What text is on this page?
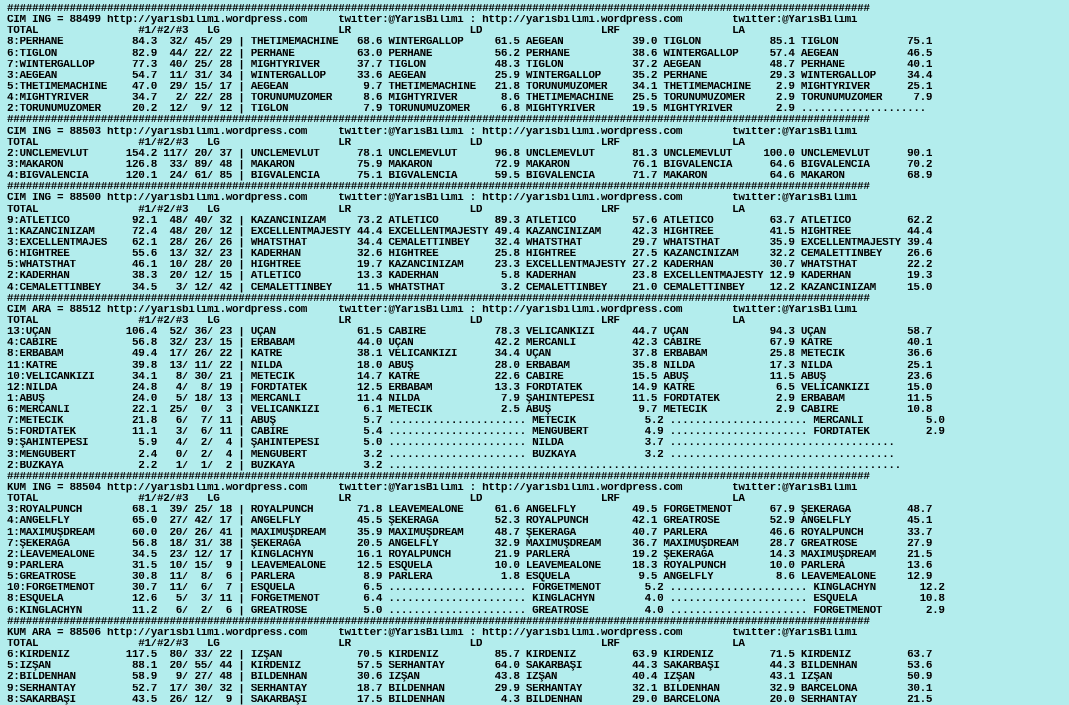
##########################################################################################################################################
CIM ING = 88499 http://yarisbilimi.wordpress.com     twitter:@YarisBilimi : http://yarisbilimi.wordpress.com        twitter:@YarisBilimi
TOTAL                #1/#2/#3   LG                   LR                   LD                   LRF                  LA
8:PERHANE           84.3  32/ 45/ 29 | THETIMEMACHINE   68.6 WINTERGALLOP     61.5 AEGEAN           39.0 TIGLON           85.1 TIGLON           75.1
6:TIGLON            82.9  44/ 22/ 22 | PERHANE          63.0 PERHANE          56.2 PERHANE          38.6 WINTERGALLOP     57.4 AEGEAN           46.5
7:WINTERGALLOP      77.3  40/ 25/ 28 | MIGHTYRIVER      37.7 TIGLON           48.3 TIGLON           37.2 AEGEAN           48.7 PERHANE          40.1
3:AEGEAN            54.7  11/ 31/ 34 | WINTERGALLOP     33.6 AEGEAN           25.9 WINTERGALLOP     35.2 PERHANE          29.3 WINTERGALLOP     34.4
5:THETIMEMACHINE    47.0  29/ 15/ 17 | AEGEAN            9.7 THETIMEMACHINE   21.8 TORUNUMUZÖMER    34.1 THETIMEMACHINE    2.9 MIGHTYRIVER      25.1
4:MIGHTYRIVER       34.7   2/ 22/ 28 | TORUNUMUZÖMER     8.6 MIGHTYRIVER       8.6 THETIMEMACHINE   25.5 TORUNUMUZÖMER     2.9 TORUNUMUZÖMER     7.9
2:TORUNUMUZÖMER     20.2  12/  9/ 12 | TIGLON            7.9 TORUNUMUZÖMER     6.8 MIGHTYRIVER      19.5 MIGHTYRIVER       2.9 ....................
##########################################################################################################################################
CIM ING = 88503 http://yarisbilimi.wordpress.com     twitter:@YarisBilimi : http://yarisbilimi.wordpress.com        twitter:@YarisBilimi
TOTAL                #1/#2/#3   LG                   LR                   LD                   LRF                  LA
2:UNCLEMEVLÜT      154.2 117/ 20/ 37 | UNCLEMEVLÜT      78.1 UNCLEMEVLÜT      96.8 UNCLEMEVLÜT      81.3 UNCLEMEVLÜT     100.0 UNCLEMEVLÜT      90.1
3:MAKARON          126.8  33/ 89/ 48 | MAKARON          75.9 MAKARON          72.9 MAKARON          76.1 BIGVALENCIA      64.6 BIGVALENCIA      70.2
4:BIGVALENCIA      120.1  24/ 61/ 85 | BIGVALENCIA      75.1 BIGVALENCIA      59.5 BIGVALENCIA      71.7 MAKARON          64.6 MAKARON          68.9
##########################################################################################################################################
CIM ING = 88500 http://yarisbilimi.wordpress.com     twitter:@YarisBilimi : http://yarisbilimi.wordpress.com        twitter:@YarisBilimi
TOTAL                #1/#2/#3   LG                   LR                   LD                   LRF                  LA
9:ATLETICO          92.1  48/ 40/ 32 | KAZANCINİZAM     73.2 ATLETICO         89.3 ATLETICO         57.6 ATLETICO         63.7 ATLETICO         62.2
1:KAZANCINİZAM      72.4  48/ 20/ 12 | EXCELLENTMAJESTY 44.4 EXCELLENTMAJESTY 49.4 KAZANCINİZAM     42.3 HIGHTREE         41.5 HIGHTREE         44.4
3:EXCELLENTMAJES    62.1  28/ 26/ 26 | WHATSTHAT        34.4 CEMALETTİNBEY    32.4 WHATSTHAT        29.7 WHATSTHAT        35.9 EXCELLENTMAJESTY 39.4
6:HIGHTREE          55.6  13/ 32/ 23 | KADERHAN         32.6 HIGHTREE         25.8 HIGHTREE         27.5 KAZANCINİZAM     32.2 CEMALETTİNBEY    26.6
5:WHATSTHAT         46.1  10/ 28/ 20 | HIGHTREE         19.7 KAZANCINİZAM     23.3 EXCELLENTMAJESTY 27.2 KADERHAN         30.7 WHATSTHAT        22.2
2:KADERHAN          38.3  20/ 12/ 15 | ATLETICO         13.3 KADERHAN          5.8 KADERHAN         23.8 EXCELLENTMAJESTY 12.9 KADERHAN         19.3
4:CEMALETTİNBEY     34.5   3/ 12/ 42 | CEMALETTİNBEY    11.5 WHATSTHAT         3.2 CEMALETTİNBEY    21.0 CEMALETTİNBEY    12.2 KAZANCINİZAM     15.0
##########################################################################################################################################
CIM ARA = 88512 http://yarisbilimi.wordpress.com     twitter:@YarisBilimi : http://yarisbilimi.wordpress.com        twitter:@YarisBilimi
TOTAL                #1/#2/#3   LG                   LR                   LD                   LRF                  LA
13:UÇAN            106.4  52/ 36/ 23 | UÇAN             61.5 CABİRE           78.3 VELİCANKIZI      44.7 UÇAN             94.3 UÇAN             58.7
4:CABİRE            56.8  32/ 23/ 15 | ERBABAM          44.0 UÇAN             42.2 MERCANLI         42.3 CABİRE           67.9 KATRE            40.1
8:ERBABAM           49.4  17/ 26/ 22 | KATRE            38.1 VELİCANKIZI      34.4 UÇAN             37.8 ERBABAM          25.8 METECİK          36.6
11:KATRE            39.8  13/ 11/ 22 | NİLDA            18.0 ABUŞ             28.0 ERBABAM          35.8 NİLDA            17.3 NİLDA            25.1
10:VELİCANKIZI      34.1   8/ 30/ 21 | METECİK          14.7 KATRE            22.6 CABİRE           15.5 ABUŞ             11.5 ABUŞ             23.6
12:NİLDA            24.8   4/  8/ 19 | FORDTATEK        12.5 ERBABAM          13.3 FORDTATEK        14.9 KATRE             6.5 VELİCANKIZI      15.0
1:ABUŞ              24.0   5/ 18/ 13 | MERCANLI         11.4 NİLDA             7.9 ŞAHİNTEPESİ      11.5 FORDTATEK         2.9 ERBABAM          11.5
6:MERCANLI          22.1  25/  0/  3 | VELİCANKIZI       6.1 METECİK           2.5 ABUŞ              9.7 METECİK           2.9 CABİRE           10.8
7:METECİK           21.8   6/  7/ 11 | ABUŞ              5.7 ...................... METECİK           5.2 ...................... MERCANLI          5.0
5:FORDTATEK         11.1   3/  6/ 11 | CABİRE            5.4 ...................... MENGÜBERT         4.9 ...................... FORDTATEK         2.9
9:ŞAHİNTEPESİ        5.9   4/  2/  4 | ŞAHİNTEPESİ       5.0 ...................... NİLDA             3.7 ....................................
3:MENGÜBERT          2.4   0/  2/  4 | MENGÜBERT         3.2 ...................... BUZKAYA           3.2 ....................................
2:BUZKAYA            2.2   1/  1/  2 | BUZKAYA           3.2 ..................................................................................
##########################################################################################################################################
KUM ING = 88504 http://yarisbilimi.wordpress.com     twitter:@YarisBilimi : http://yarisbilimi.wordpress.com        twitter:@YarisBilimi
TOTAL                #1/#2/#3   LG                   LR                   LD                   LRF                  LA
3:ROYALPUNCH        68.1  39/ 25/ 18 | ROYALPUNCH       71.8 LEAVEMEALONE     61.6 ANGELFLY         49.5 FORGETMENOT      67.9 ŞEKERAĞA         48.7
4:ANGELFLY          65.0  27/ 42/ 17 | ANGELFLY         45.5 ŞEKERAĞA         52.3 ROYALPUNCH       42.1 GREATROSE        52.9 ANGELFLY         45.1
1:MAXIMUŞDREAM      60.0  20/ 26/ 41 | MAXIMUŞDREAM     35.9 MAXIMUŞDREAM     48.7 ŞEKERAĞA         40.7 PARLERA          46.6 ROYALPUNCH       33.7
7:ŞEKERAĞA          56.8  18/ 31/ 38 | ŞEKERAĞA         20.5 ANGELFLY         32.9 MAXIMUŞDREAM     36.7 MAXIMUŞDREAM     28.7 GREATROSE        27.9
2:LEAVEMEALONE      34.5  23/ 12/ 17 | KINGLACHYN       16.1 ROYALPUNCH       21.9 PARLERA          19.2 ŞEKERAĞA         14.3 MAXIMUŞDREAM     21.5
9:PARLERA           31.5  10/ 15/  9 | LEAVEMEALONE     12.5 ESQUELA          10.0 LEAVEMEALONE     18.3 ROYALPUNCH       10.0 PARLERA          13.6
5:GREATROSE         30.8  11/  8/  6 | PARLERA           8.9 PARLERA           1.8 ESQUELA           9.5 ANGELFLY          8.6 LEAVEMEALONE     12.9
10:FORGETMENOT      30.7  11/  6/  7 | ESQUELA           6.5 ...................... FORGETMENOT       5.2 ...................... KINGLACHYN       12.2
8:ESQUELA           12.6   5/  3/ 11 | FORGETMENOT       6.4 ...................... KINGLACHYN        4.0 ...................... ESQUELA          10.8
6:KINGLACHYN        11.2   6/  2/  6 | GREATROSE         5.0 ...................... GREATROSE         4.0 ...................... FORGETMENOT       2.9
##########################################################################################################################################
KUM ARA = 88506 http://yarisbilimi.wordpress.com     twitter:@YarisBilimi : http://yarisbilimi.wordpress.com        twitter:@YarisBilimi
TOTAL                #1/#2/#3   LG                   LR                   LD                   LRF                  LA
6:KIRDENİZ         117.5  80/ 33/ 22 | İZŞAN            70.5 KIRDENİZ         85.7 KIRDENİZ         63.9 KIRDENİZ         71.5 KIRDENİZ         63.7
5:İZŞAN             88.1  20/ 55/ 44 | KIRDENİZ         57.5 SERHANTAY        64.0 SAKARBAŞI        44.3 SAKARBAŞI        44.3 BİLDENHAN        53.6
2:BİLDENHAN         58.9   9/ 27/ 48 | BİLDENHAN        30.6 İZŞAN            43.8 İZŞAN            40.4 İZŞAN            43.1 İZŞAN            50.9
9:SERHANTAY         52.7  17/ 30/ 32 | SERHANTAY        18.7 BİLDENHAN        29.9 SERHANTAY        32.1 BİLDENHAN        32.9 BARCELONA        30.1
8:SAKARBAŞI         43.5  26/ 12/  9 | SAKARBAŞI        17.5 BİLDENHAN         4.3 BİLDENHAN        29.0 BARCELONA        20.0 SERHANTAY        21.5
